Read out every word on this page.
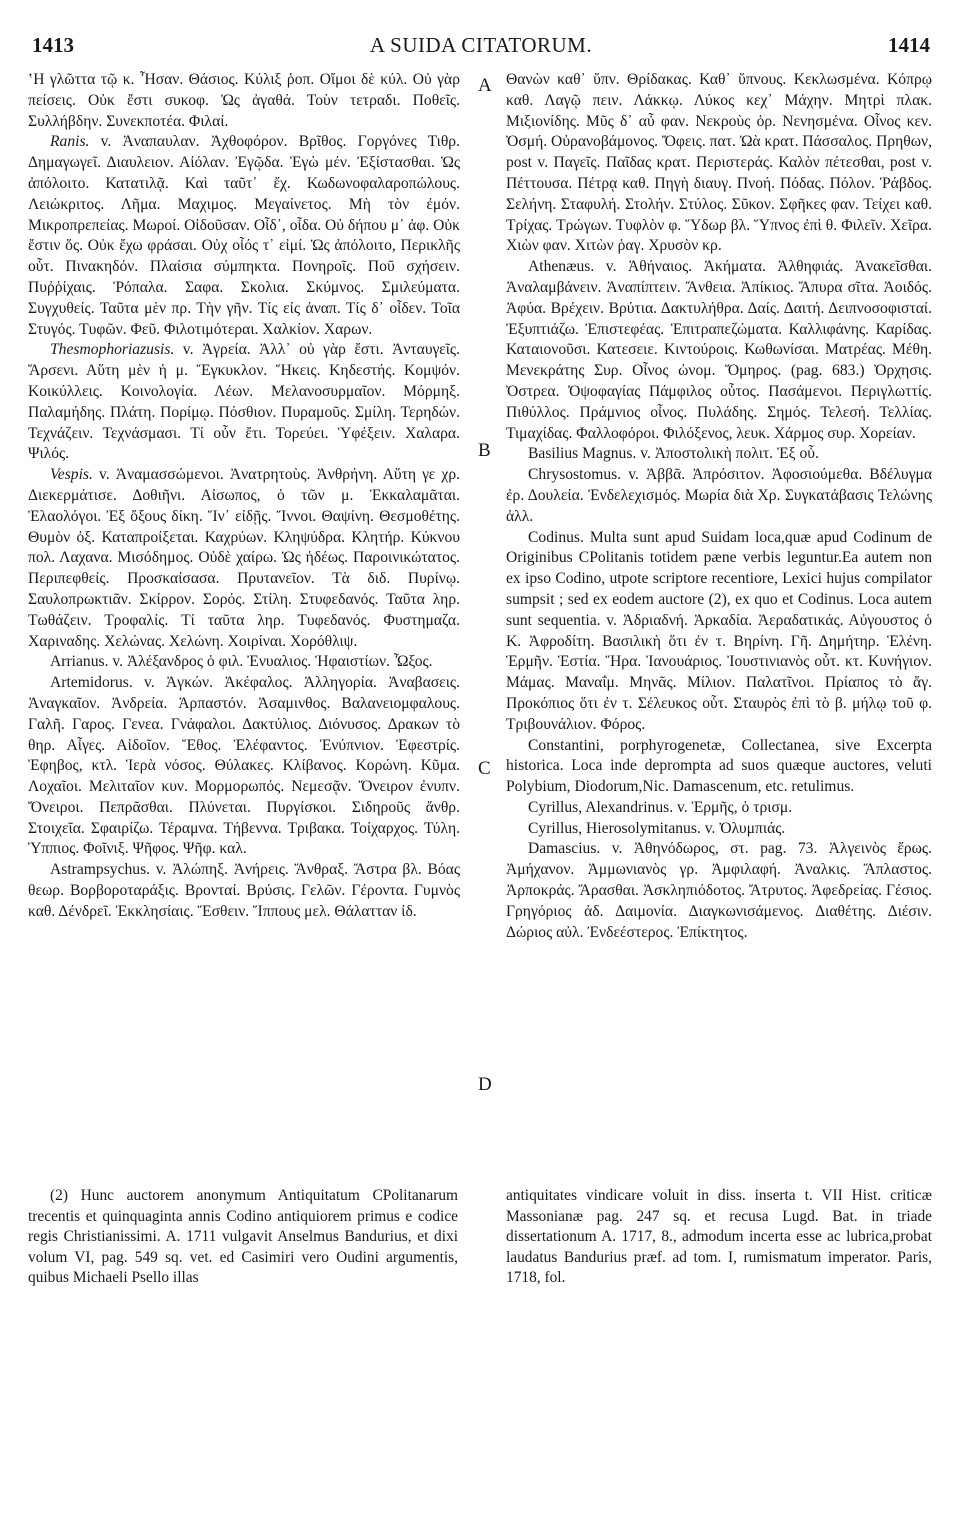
1413	A SUIDA CITATORUM.	1414

ʽΗ γλῶττα τῷ κ. Ἦσαν. Θάσιος. Κύλιξ ῥοπ. Οἴμοι δὲ κύλ. Οὐ γὰρ πείσεις. Οὐκ ἔστι συκοφ. Ὡς ἀγαθά. Τοὺν τετραδι. Ποθεῖς. Συλλήβδην. Συνεκποτέα. Φιλαί.

Ranis. v. Ἀναπαυλαν. Ἀχθοφόρον. Βρῖθος. Γοργόνες Τιθρ. Δημαγωγεῖ. Διαυλειον. Αἰόλαν. Ἐγῷδα. Ἐγὼ μέν. Ἐξίστασθαι. Ὡς ἀπόλοιτο. Κατατιλᾷ. Καὶ ταῦτ᾽ ἔχ. Κωδωνοφαλαροπώλους. Λειώκριτος. Λῆμα. Μαχιμος. Μεγαίνετος. Μὴ τὸν ἐμόν. Μικροπρεπείας. Μωροί. Οἰδοῦσαν. Οἶδ᾽, οἶδα. Οὐ δήπου μ᾽ ἀφ. Οὐκ ἔστιν ὅς. Οὐκ ἔχω φράσαι. Οὐχ οἷός τ᾽ εἰμί. Ὡς ἀπόλοιτο, Περικλῆς οὗτ. Πινακηδόν. Πλαίσια σύμπηκτα. Πονηροῖς. Ποῦ σχήσειν. Πυῤῥίχαις. Ῥόπαλα. Σαφα. Σκολια. Σκύμνος. Σμιλεύματα. Συγχυθείς. Ταῦτα μὲν πρ. Τὴν γῆν. Τίς εἰς ἀναπ. Τίς δ᾽ οἶδεν. Τοῖα Στυγός. Τυφῶν. Φεῦ. Φιλοτιμότεραι. Χαλκίον. Χαρων.

Thesmophoriazusis. v. Ἀγρεία. Ἀλλ᾽ οὐ γὰρ ἔστι. Ἀνταυγεῖς. Ἄρσενι. Αὕτη μὲν ἡ μ. Ἔγκυκλον. Ἥκεις. Κηδεστής. Κομψόν. Κοικύλλεις. Κοινολογία. Λέων. Μελανοσυρμαῖον. Μόρμηξ. Παλαμήδης. Πλάτη. Πορίμῳ. Πόσθιον. Πυραμοῦς. Σμίλη. Τερηδών. Τεχνάζειν. Τεχνάσμασι. Τί οὖν ἔτι. Τορεύει. Ὑφέξειν. Χαλαρα. Ψιλός.

Vespis. v. Ἀναμασσώμενοι. Ἀνατρητοὺς. Ἀνθρήνη. Αὕτη γε χρ. Διεκερμάτισε. Δοθιῆνι. Αἰσωπος, ὁ τῶν μ. Ἐκκαλαμᾶται. Ἐλαολόγοι. Ἐξ ὄξους δίκη. Ἵν᾽ εἰδῇς. Ἴννοι. Θαψίνη. Θεσμοθέτης. Θυμὸν ὀξ. Καταπροίξεται. Καχρύων. Κληψύδρα. Κλητήρ. Κύκνου πολ. Λαχανα. Μισόδημος. Οὐδὲ χαίρω. Ὡς ἡδέως. Παροινικώτατος. Περιπεφθείς. Προσκαίσασα. Πρυτανεῖον. Τὰ διδ. Πυρίνῳ. Σαυλοπρωκτιᾶν. Σκίρρον. Σορός. Στίλη. Στυφεδανός. Ταῦτα ληρ. Τωθάζειν. Τροφαλίς. Τί ταῦτα ληρ. Τυφεδανός. Φυστημαζα. Χαριναδης. Χελώνας. Χελώνη. Χοιρίναι. Χορόθλιψ.

Arrianus. v. Ἀλέξανδρος ὁ φιλ. Ἐνυαλιος. Ἡφαιστίων. Ὦξος.

Artemidorus. v. Ἀγκών. Ἀκέφαλος. Ἀλληγορία. Ἀναβασεις. Ἀναγκαῖον. Ἀνδρεία. Ἁρπαστόν. Ἀσαμινθος. Βαλανειομφαλους. Γαλῆ. Γαρος. Γενεα. Γνάφαλοι. Δακτύλιος. Διόνυσος. Δρακων τὸ θηρ. Αἶγες. Αἰδοῖον. Ἔθος. Ἐλέφαντος. Ἐνύπνιον. Ἐφεστρίς. Ἐφηβος, κτλ. Ἱερὰ νόσος. Θύλακες. Κλίβανος. Κορώνη. Κῦμα. Λοχαῖοι. Μελιταῖον κυν. Μορμορωπός. Νεμεσᾷν. Ὄνειρον ἐνυπν. Ὄνειροι. Πεπρᾶσθαι. Πλύνεται. Πυργίσκοι. Σιδηροῦς ἄνθρ. Στοιχεῖα. Σφαιρίζω. Τέραμνα. Τήβεννα. Τριβακα. Τοίχαρχος. Τύλη. Ὑππιος. Φοῖνιξ. Ψῆφος. Ψῆφ. καλ.

Astrampsychus. v. Ἀλώπηξ. Ἀνήρεις. Ἄνθραξ. Ἄστρα βλ. Βόας θεωρ. Βορβοροταράξις. Βρονταί. Βρύσις. Γελῶν. Γέροντα. Γυμνὸς καθ. Δένδρεῖ. Ἐκκλησίαις. Ἔσθειν. Ἵππους μελ. Θάλατταν ἰδ.

A
B
C
D

Θανὼν καθ᾽ ὕπν. Θρίδακας. Καθ᾽ ὕπνους. Κεκλωσμένα. Κόπρῳ καθ. Λαγῷ πειν. Λάκκῳ. Λύκος κεχ᾽ Μάχην. Μητρὶ πλακ. Μιξιονίδης. Μῦς δ᾽ αὖ φαν. Νεκροὺς ὁρ. Νενησμένα. Οἶνος κεν. Ὀσμή. Οὐρανοβάμονος. Ὄφεις. πατ. Ὠὰ κρατ. Πάσσαλος. Πρηθων, post v. Παγεῖς. Παῖδας κρατ. Περιστεράς. Καλὸν πέτεσθαι, post v. Πέττουσα. Πέτρᾳ καθ. Πηγὴ διαυγ. Πνοή. Πόδας. Πόλον. Ῥάβδος. Σελήνη. Σταφυλή. Στολήν. Στύλος. Σῦκον. Σφῆκες φαν. Τείχει καθ. Τρίχας. Τρώγων. Τυφλὸν φ. Ὕδωρ βλ. Ὕπνος ἐπὶ θ. Φιλεῖν. Χεῖρα. Χιὼν φαν. Χιτὼν ῥαγ. Χρυσὸν κρ.

Athenæus. v. Ἀθήναιος. Ἀκήματα. Ἀλθηφιάς. Ἀνακεῖσθαι. Ἀναλαμβάνειν. Ἀναπίπτειν. Ἄνθεια. Ἀπίκιος. Ἄπυρα σῖτα. Ἀοιδός. Ἀφύα. Βρέχειν. Βρύτια. Δακτυλήθρα. Δαίς. Δαιτή. Δειπνοσοφισταί. Ἐξυπτιάζω. Ἐπιστεφέας. Ἐπιτραπεζώματα. Καλλιφάνης. Καρίδας. Καταιονοῦσι. Κατεσειε. Κιντούροις. Κωθωνίσαι. Ματρέας. Μέθη. Μενεκράτης Συρ. Οἶνος ὠνομ. Ὅμηρος. (pag. 683.) Ὀρχησις. Ὀστρεα. Ὀψοφαγίας Πάμφιλος οὗτος. Πασάμενοι. Περιγλωττίς. Πιθύλλος. Πράμνιος οἶνος. Πυλάδης. Σημός. Τελεσή. Τελλίας. Τιμαχίδας. Φαλλοφόροι. Φιλόξενος, λευκ. Χάρμος συρ. Χορείαν.

Basilius Magnus. v. Ἀποστολικὴ πολιτ. Ἐξ οὗ.

Chrysostomus. v. Ἀββᾶ. Ἀπρόσιτον. Ἀφοσιούμεθα. Βδέλυγμα ἐρ. Δουλεία. Ἐνδελεχισμός. Μωρία διὰ Χρ. Συγκατάβασις Τελώνης ἀλλ.

Codinus. Multa sunt apud Suidam loca,quæ apud Codinum de Originibus CPolitanis totidem pæne verbis leguntur.Ea autem non ex ipso Codino, utpote scriptore recentiore, Lexici hujus compilator sumpsit ; sed ex eodem auctore (2), ex quo et Codinus. Loca autem sunt sequentia. v. Ἀδριαδνή. Ἀρκαδία. Ἀεραδατικάς. Αὐγουστος ὁ Κ. Ἀφροδίτη. Βασιλικὴ ὅτι ἐν τ. Βηρίνη. Γῆ. Δημήτηρ. Ἑλένη. Ἑρμῆν. Ἑστία. Ἥρα. Ἰανουάριος. Ἰουστινιανὸς οὗτ. κτ. Κυνήγιον. Μάμας. Μαναΐμ. Μηνᾶς. Μίλιον. Παλατῖνοι. Πρίαπος τὸ ἄγ. Προκόπιος ὅτι ἐν τ. Σέλευκος οὗτ. Σταυρὸς ἐπὶ τὸ β. μήλῳ τοῦ φ. Τριβουνάλιον. Φόρος.

Constantini, porphyrogenetæ, Collectanea, sive Excerpta historica. Loca inde deprompta ad suos quæque auctores, veluti Polybium, Diodorum,Nic. Damascenum, etc. retulimus.

Cyrillus, Alexandrinus. v. Ἑρμῆς, ὁ τρισμ.

Cyrillus, Hierosolymitanus. v. Ὀλυμπιάς.

Damascius. v. Ἀθηνόδωρος, στ. pag. 73. Ἀλγεινὸς ἔρως. Ἀμήχανον. Ἀμμωνιανὸς γρ. Ἀμφιλαφή. Ἀναλκις. Ἄπλαστος. Ἀρποκράς. Ἄρασθαι. Ἀσκληπιόδοτος. Ἄτρυτος. Ἀφεδρείας. Γέσιος. Γρηγόριος ἀδ. Δαιμονία. Διαγκωνισάμενος. Διαθέτης. Διέσιν. Δώριος αὐλ. Ἐνδεέστερος. Ἐπίκτητος.

(2) Hunc auctorem anonymum Antiquitatum CPolitanarum trecentis et quinquaginta annis Codino antiquiorem primus e codice regis Christianissimi. A. 1711 vulgavit Anselmus Bandurius, et dixi volum VI, pag. 549 sq. vet. ed Casimiri vero Oudini argumentis, quibus Michaeli Psello illas

antiquitates vindicare voluit in diss. inserta t. VII Hist. criticæ Massonianæ pag. 247 sq. et recusa Lugd. Bat. in triade dissertationum A. 1717, 8., admodum incerta esse ac lubrica,probat laudatus Bandurius præf. ad tom. I, rumismatum imperator. Paris, 1718, fol.
